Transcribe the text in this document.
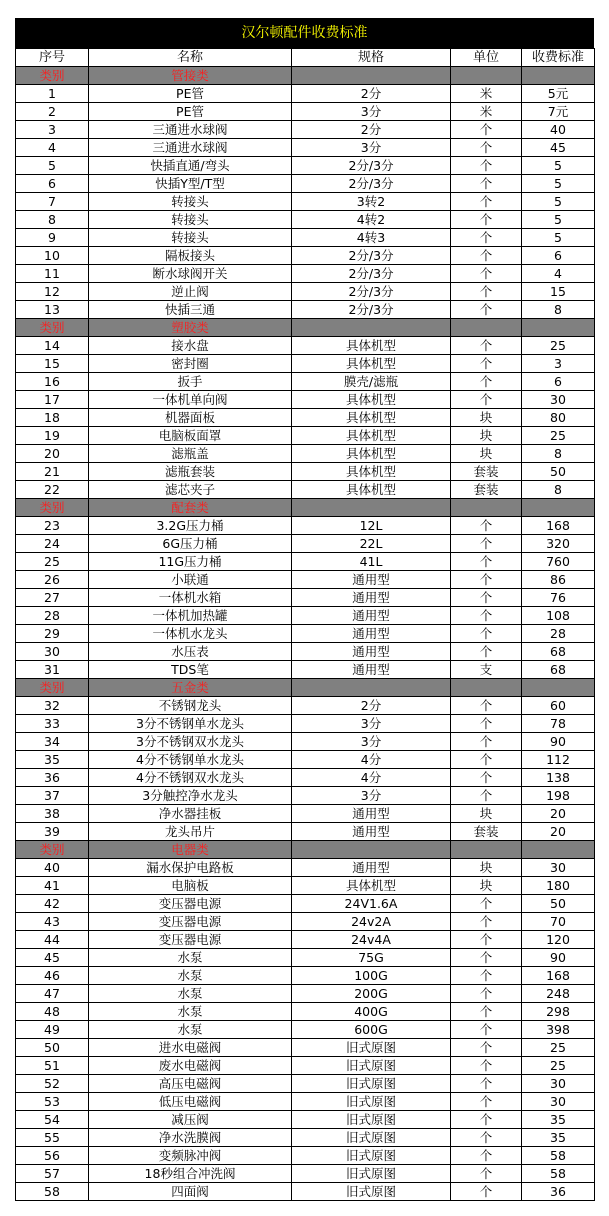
汉尔顿配件收费标准
序号	名称	规格	单位	收费标准
类别	管接类			
1	PE管	2分	米	5元
2	PE管	3分	米	7元
3	三通进水球阀	2分	个	40
4	三通进水球阀	3分	个	45
5	快插直通/弯头	2分/3分	个	5
6	快插Y型/T型	2分/3分	个	5
7	转接头	3转2	个	5
8	转接头	4转2	个	5
9	转接头	4转3	个	5
10	隔板接头	2分/3分	个	6
11	断水球阀开关	2分/3分	个	4
12	逆止阀	2分/3分	个	15
13	快插三通	2分/3分	个	8
类别	塑胶类			
14	接水盘	具体机型	个	25
15	密封圈	具体机型	个	3
16	扳手	膜壳/滤瓶	个	6
17	一体机单向阀	具体机型	个	30
18	机器面板	具体机型	块	80
19	电脑板面罩	具体机型	块	25
20	滤瓶盖	具体机型	块	8
21	滤瓶套装	具体机型	套装	50
22	滤芯夹子	具体机型	套装	8
类别	配套类			
23	3.2G压力桶	12L	个	168
24	6G压力桶	22L	个	320
25	11G压力桶	41L	个	760
26	小联通	通用型	个	86
27	一体机水箱	通用型	个	76
28	一体机加热罐	通用型	个	108
29	一体机水龙头	通用型	个	28
30	水压表	通用型	个	68
31	TDS笔	通用型	支	68
类别	五金类			
32	不锈钢龙头	2分	个	60
33	3分不锈钢单水龙头	3分	个	78
34	3分不锈钢双水龙头	3分	个	90
35	4分不锈钢单水龙头	4分	个	112
36	4分不锈钢双水龙头	4分	个	138
37	3分触控净水龙头	3分	个	198
38	净水器挂板	通用型	块	20
39	龙头吊片	通用型	套装	20
类别	电器类			
40	漏水保护电路板	通用型	块	30
41	电脑板	具体机型	块	180
42	变压器电源	24V1.6A	个	50
43	变压器电源	24v2A	个	70
44	变压器电源	24v4A	个	120
45	水泵	75G	个	90
46	水泵	100G	个	168
47	水泵	200G	个	248
48	水泵	400G	个	298
49	水泵	600G	个	398
50	进水电磁阀	旧式原图	个	25
51	废水电磁阀	旧式原图	个	25
52	高压电磁阀	旧式原图	个	30
53	低压电磁阀	旧式原图	个	30
54	减压阀	旧式原图	个	35
55	净水洗膜阀	旧式原图	个	35
56	变频脉冲阀	旧式原图	个	58
57	18秒组合冲洗阀	旧式原图	个	58
58	四面阀	旧式原图	个	36
